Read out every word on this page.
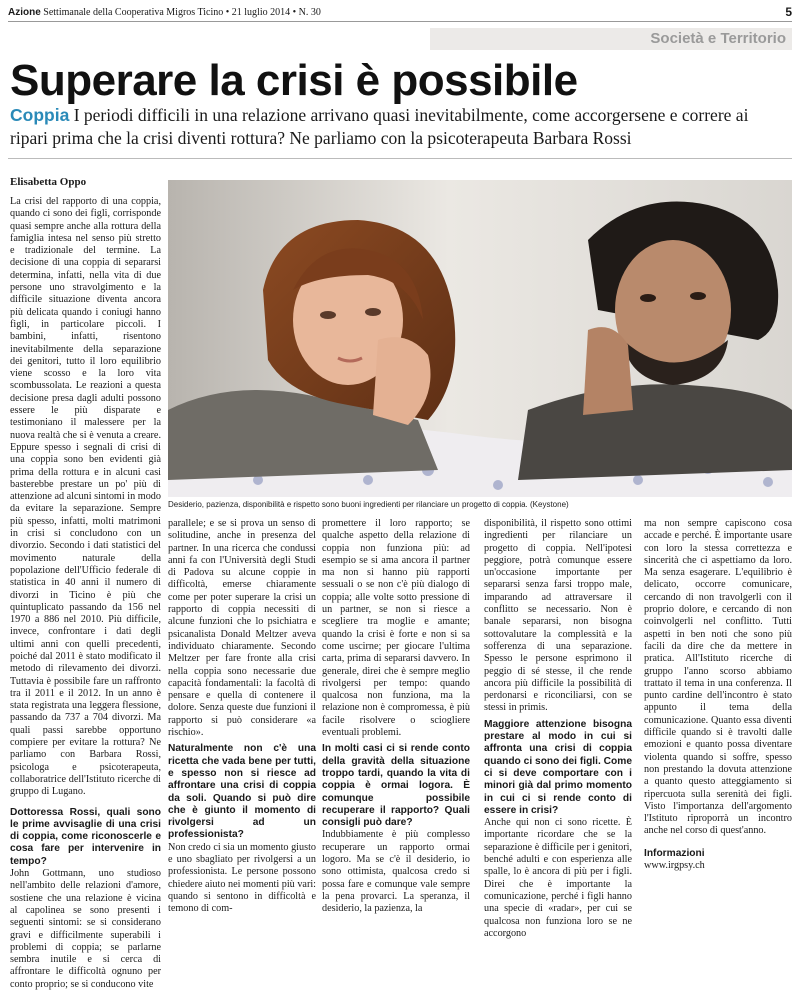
Azione Settimanale della Cooperativa Migros Ticino • 21 luglio 2014 • N. 30	5
Società e Territorio
Superare la crisi è possibile
Coppia I periodi difficili in una relazione arrivano quasi inevitabilmente, come accorgersene e correre ai ripari prima che la crisi diventi rottura? Ne parliamo con la psicoterapeuta Barbara Rossi
Elisabetta Oppo

La crisi del rapporto di una coppia, quando ci sono dei figli, corrisponde quasi sempre anche alla rottura della famiglia intesa nel senso più stretto e tradizionale del termine. La decisione di una coppia di separarsi determina, infatti, nella vita di due persone uno stravolgimento e la difficile situazione diventa ancora più delicata quando i coniugi hanno figli, in particolare piccoli. I bambini, infatti, risentono inevitabilmente della separazione dei genitori, tutto il loro equilibrio viene scosso e la loro vita scombussolata. Le reazioni a questa decisione presa dagli adulti possono essere le più disparate e testimoniano il malessere per la nuova realtà che si è venuta a creare. Eppure spesso i segnali di crisi di una coppia sono ben evidenti già prima della rottura e in alcuni casi basterebbe prestare un po' più di attenzione ad alcuni sintomi in modo da evitare la separazione. Sempre più spesso, infatti, molti matrimoni in crisi si concludono con un divorzio. Secondo i dati statistici del movimento naturale della popolazione dell'Ufficio federale di statistica in 40 anni il numero di divorzi in Ticino è più che quintuplicato passando da 156 nel 1970 a 886 nel 2010. Più difficile, invece, confrontare i dati degli ultimi anni con quelli precedenti, poiché dal 2011 è stato modificato il metodo di rilevamento dei divorzi. Tuttavia è possibile fare un raffronto tra il 2011 e il 2012. In un anno è stata registrata una leggera flessione, passando da 737 a 704 divorzi. Ma quali passi sarebbe opportuno compiere per evitare la rottura? Ne parliamo con Barbara Rossi, psicologa e psicoterapeuta, collaboratrice dell'Istituto ricerche di gruppo di Lugano.

Dottoressa Rossi, quali sono le prime avvisaglie di una crisi di coppia, come riconoscerle e cosa fare per intervenire in tempo?

John Gottmann, uno studioso nell'ambito delle relazioni d'amore, sostiene che una relazione è vicina al capolinea se sono presenti i seguenti sintomi: se si considerano gravi e difficilmente superabili i problemi di coppia; se parlarne sembra inutile e si cerca di affrontare le difficoltà ognuno per conto proprio; se si conducono vite

Desiderio, pazienza, disponibilità e rispetto sono buoni ingredienti per rilanciare un progetto di coppia. (Keystone)

parallele; e se si prova un senso di solitudine, anche in presenza del partner. In una ricerca che condussi anni fa con l'Università degli Studi di Padova su alcune coppie in difficoltà, emerse chiaramente come per poter superare la crisi un rapporto di coppia necessiti di alcune funzioni che lo psichiatra e psicanalista Donald Meltzer aveva individuato chiaramente. Secondo Meltzer per fare fronte alla crisi nella coppia sono necessarie due capacità fondamentali: la facoltà di pensare e quella di contenere il dolore. Senza queste due funzioni il rapporto si può considerare «a rischio».

Naturalmente non c'è una ricetta che vada bene per tutti, e spesso non si riesce ad affrontare una crisi di coppia da soli. Quando si può dire che è giunto il momento di rivolgersi ad un professionista?

Non credo ci sia un momento giusto e uno sbagliato per rivolgersi a un professionista. Le persone possono chiedere aiuto nei momenti più vari: quando si sentono in difficoltà e temono di com-

promettere il loro rapporto; se qualche aspetto della relazione di coppia non funziona più: ad esempio se si ama ancora il partner ma non si hanno più rapporti sessuali o se non c'è più dialogo di coppia; alle volte sotto pressione di un partner, se non si riesce a scegliere tra moglie e amante; quando la crisi è forte e non si sa come uscirne; per giocare l'ultima carta, prima di separarsi davvero. In generale, direi che è sempre meglio rivolgersi per tempo: quando qualcosa non funziona, ma la relazione non è compromessa, è più facile risolvere o sciogliere eventuali problemi.

In molti casi ci si rende conto della gravità della situazione troppo tardi, quando la vita di coppia è ormai logora. È comunque possibile recuperare il rapporto? Quali consigli può dare?

Indubbiamente è più complesso recuperare un rapporto ormai logoro. Ma se c'è il desiderio, io sono ottimista, qualcosa credo si possa fare e comunque vale sempre la pena provarci. La speranza, il desiderio, la pazienza, la

disponibilità, il rispetto sono ottimi ingredienti per rilanciare un progetto di coppia. Nell'ipotesi peggiore, potrà comunque essere un'occasione importante per separarsi senza farsi troppo male, imparando ad attraversare il conflitto se necessario. Non è banale separarsi, non bisogna sottovalutare la complessità e la sofferenza di una separazione. Spesso le persone esprimono il peggio di sé stesse, il che rende ancora più difficile la possibilità di perdonarsi e riconciliarsi, con se stessi in primis.

Maggiore attenzione bisogna prestare al modo in cui si affronta una crisi di coppia quando ci sono dei figli. Come ci si deve comportare con i minori già dal primo momento in cui ci si rende conto di essere in crisi?

Anche qui non ci sono ricette. È importante ricordare che se la separazione è difficile per i genitori, benché adulti e con esperienza alle spalle, lo è ancora di più per i figli. Direi che è importante la comunicazione, perché i figli hanno una specie di «radar», per cui se qualcosa non funziona loro se ne accorgono

ma non sempre capiscono cosa accade e perché. È importante usare con loro la stessa correttezza e sincerità che ci aspettiamo da loro. Ma senza esagerare. L'equilibrio è delicato, occorre comunicare, cercando di non travolgerli con il proprio dolore, e cercando di non coinvolgerli nel conflitto. Tutti aspetti in ben noti che sono più facili da dire che da mettere in pratica. All'Istituto ricerche di gruppo l'anno scorso abbiamo trattato il tema in una conferenza. Il punto cardine dell'incontro è stato appunto il tema della comunicazione. Quanto essa diventi difficile quando si è travolti dalle emozioni e quanto possa diventare violenta quando si soffre, spesso non prestando la dovuta attenzione a quanto questo atteggiamento si ripercuota sulla serenità dei figli. Visto l'importanza dell'argomento l'Istituto riproporrà un incontro anche nel corso di quest'anno.

Informazioni

www.irgpsy.ch
